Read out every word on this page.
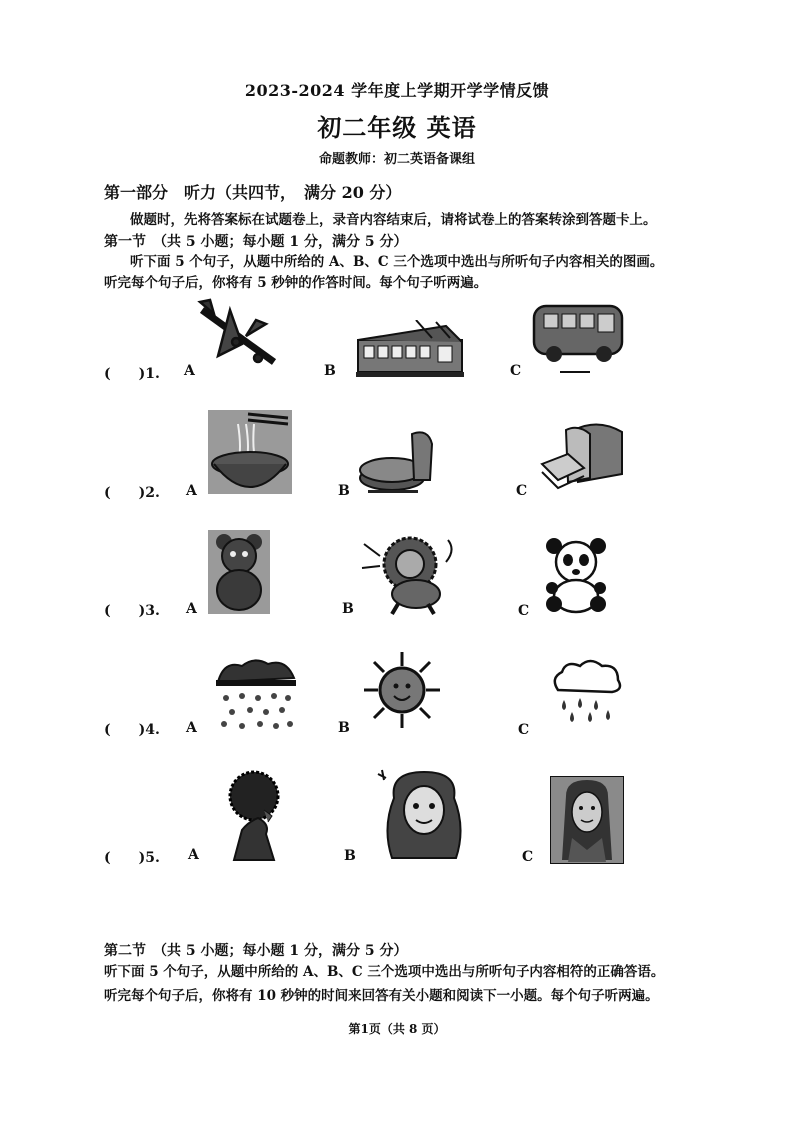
2023-2024 学年度上学期开学学情反馈
初二年级 英语
命题教师：初二英语备课组
第一部分　听力（共四节，　满分 20 分）
做题时，先将答案标在试题卷上，录音内容结束后，请将试卷上的答案转涂到答题卡上。
第一节　（共 5 小题；每小题 1 分，满分 5 分）
听下面 5 个句子，从题中所给的 A、B、C 三个选项中选出与所听句子内容相关的图画。
听完每个句子后，你将有 5 秒钟的作答时间。每个句子听两遍。
(　　)1. A	B	C
(　　)2. A	B	C
(　　)3. A	B	C
(　　)4. A	B	C
(　　)5. A	B	C
第二节　（共 5 小题；每小题 1 分，满分 5 分）
听下面 5 个句子，从题中所给的 A、B、C 三个选项中选出与所听句子内容相符的正确答语。
听完每个句子后，你将有 10 秒钟的时间来回答有关小题和阅读下一小题。每个句子听两遍。
第1页（共 8 页）
